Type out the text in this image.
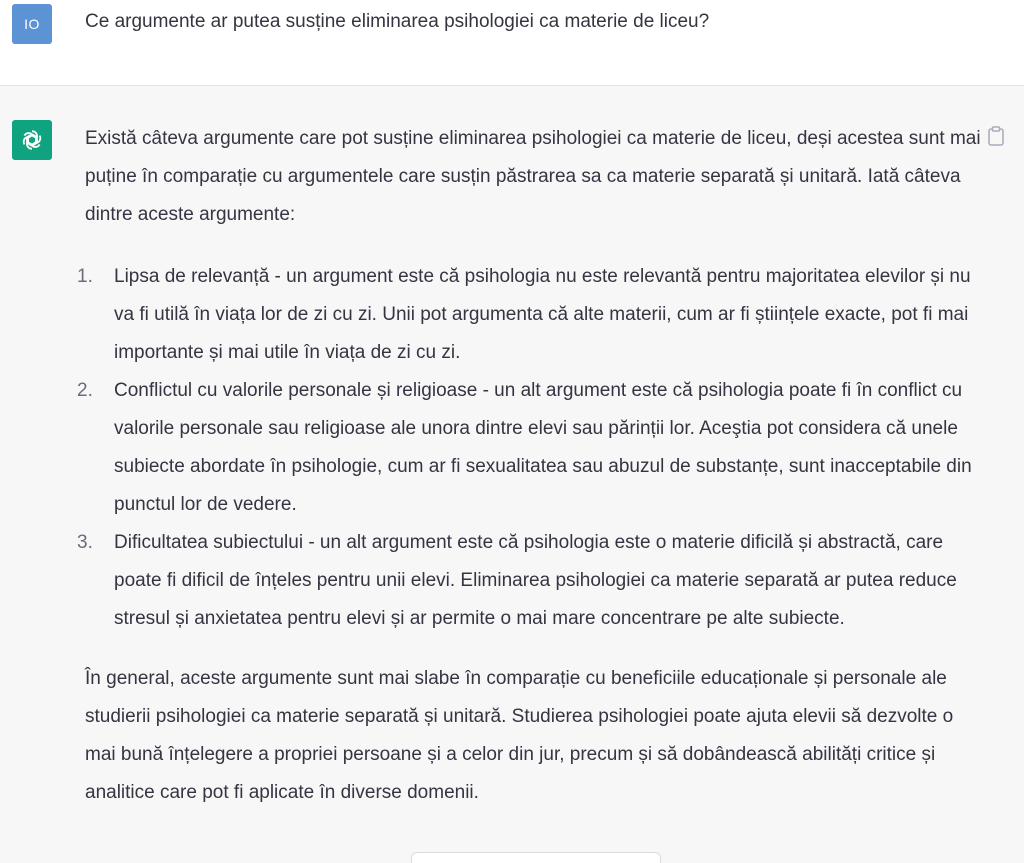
IO	Ce argumente ar putea susține eliminarea psihologiei ca materie de liceu?

Există câteva argumente care pot susține eliminarea psihologiei ca materie de liceu, deși acestea sunt mai puține în comparație cu argumentele care susțin păstrarea sa ca materie separată și unitară. Iată câteva dintre aceste argumente:

1.	Lipsa de relevanță - un argument este că psihologia nu este relevantă pentru majoritatea elevilor și nu va fi utilă în viața lor de zi cu zi. Unii pot argumenta că alte materii, cum ar fi științele exacte, pot fi mai importante și mai utile în viața de zi cu zi.
2.	Conflictul cu valorile personale și religioase - un alt argument este că psihologia poate fi în conflict cu valorile personale sau religioase ale unora dintre elevi sau părinții lor. Aceştia pot considera că unele subiecte abordate în psihologie, cum ar fi sexualitatea sau abuzul de substanțe, sunt inacceptabile din punctul lor de vedere.
3.	Dificultatea subiectului - un alt argument este că psihologia este o materie dificilă și abstractă, care poate fi dificil de înțeles pentru unii elevi. Eliminarea psihologiei ca materie separată ar putea reduce stresul și anxietatea pentru elevi și ar permite o mai mare concentrare pe alte subiecte.

În general, aceste argumente sunt mai slabe în comparație cu beneficiile educaționale și personale ale studierii psihologiei ca materie separată și unitară. Studierea psihologiei poate ajuta elevii să dezvolte o mai bună înțelegere a propriei persoane și a celor din jur, precum și să dobândească abilități critice și analitice care pot fi aplicate în diverse domenii.
